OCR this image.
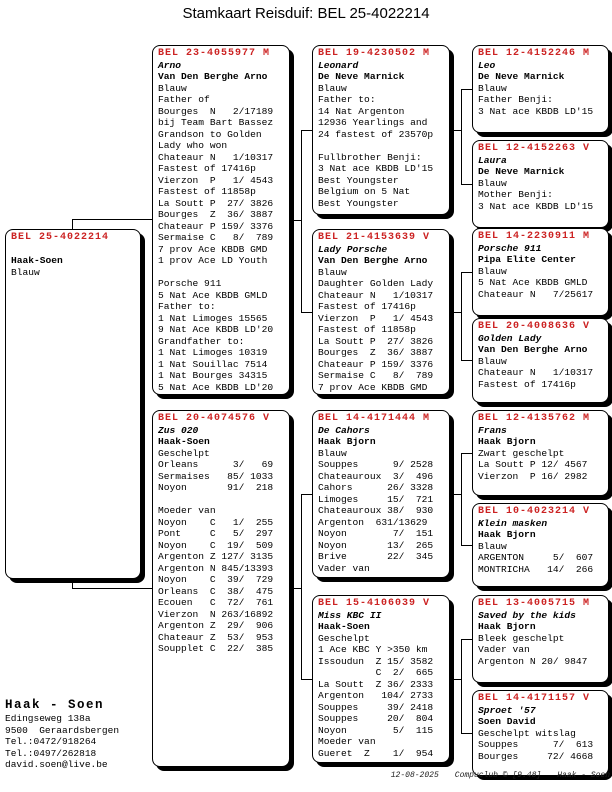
Stamkaart Reisduif: BEL 25-4022214
BEL 25-4022214
Haak-Soen
Blauw
BEL 23-4055977 M
Arno
Van Den Berghe Arno
Blauw
Father of
Bourges  N   2/17189
bij Team Bart Bassez
Grandson to Golden
Lady who won
Chateaur N   1/10317
Fastest of 17416p
Vierzon  P   1/ 4543
Fastest of 11858p
La Soutt P  27/ 3826
Bourges  Z  36/ 3887
Chateaur P 159/ 3376
Sermaise C   8/  789
7 prov Ace KBDB GMD
1 prov Ace LD Youth
Porsche 911
5 Nat Ace KBDB GMLD
Father to:
1 Nat Limoges 15565
9 Nat Ace KBDB LD'20
Grandfather to:
1 Nat Limoges 10319
1 Nat Souillac 7514
1 Nat Bourges 34315
5 Nat Ace KBDB LD'20
BEL 20-4074576 V
Zus 020
Haak-Soen
Geschelpt
Orleans      3/   69
Sermaises   85/ 1033
Noyon       91/  218
Moeder van
Noyon    C   1/  255
Pont     C   5/  297
Noyon    C  19/  509
Argenton Z 127/ 3135
Argenton N 845/13393
Noyon    C  39/  729
Orleans  C  38/  475
Ecouen   C  72/  761
Vierzon  N 263/16892
Argenton Z  29/  906
Chateaur Z  53/  953
Soupplet C  22/  385
BEL 19-4230502 M
Leonard
De Neve Marnick
Blauw
Father to:
14 Nat Argenton
12936 Yearlings and
24 fastest of 23570p
Fullbrother Benji:
3 Nat ace KBDB LD'15
Best Youngster
Belgium on 5 Nat
Best Youngster
BEL 21-4153639 V
Lady Porsche
Van Den Berghe Arno
Blauw
Daughter Golden Lady
Chateaur N   1/10317
Fastest of 17416p
Vierzon  P   1/ 4543
Fastest of 11858p
La Soutt P  27/ 3826
Bourges  Z  36/ 3887
Chateaur P 159/ 3376
Sermaise C   8/  789
7 prov Ace KBDB GMD
BEL 14-4171444 M
De Cahors
Haak Bjorn
Blauw
Souppes      9/ 2528
Chateauroux  3/  496
Cahors      26/ 3328
Limoges     15/  721
Chateauroux 38/  930
Argenton  631/13629
Noyon        7/  151
Noyon       13/  265
Brive       22/  345
Vader van
BEL 15-4106039 V
Miss KBC II
Haak-Soen
Geschelpt
1 Ace KBC Y >350 km
Issoudun  Z 15/ 3582
C  2/  665
La Soutt  Z 36/ 2333
Argenton   104/ 2733
Souppes     39/ 2418
Souppes     20/  804
Noyon        5/  115
Moeder van
Gueret  Z    1/  954
BEL 12-4152246 M
Leo
De Neve Marnick
Blauw
Father Benji:
3 Nat ace KBDB LD'15
BEL 12-4152263 V
Laura
De Neve Marnick
Blauw
Mother Benji:
3 Nat ace KBDB LD'15
BEL 14-2230911 M
Porsche 911
Pipa Elite Center
Blauw
5 Nat Ace KBDB GMLD
Chateaur N   7/25617
BEL 20-4008636 V
Golden Lady
Van Den Berghe Arno
Blauw
Chateaur N   1/10317
Fastest of 17416p
BEL 12-4135762 M
Frans
Haak Bjorn
Zwart geschelpt
La Soutt P 12/ 4567
Vierzon  P 16/ 2982
BEL 10-4023214 V
Klein masken
Haak Bjorn
Blauw
ARGENTON     5/  607
MONTRICHA   14/  266
BEL 13-4005715 M
Saved by the kids
Haak Bjorn
Bleek geschelpt
Vader van
Argenton N 20/ 9847
BEL 14-4171157 V
Sproet '57
Soen David
Geschelpt witslag
Souppes      7/  613
Bourges     72/ 4668
Haak - Soen
Edingseweg 138a
9500  Geraardsbergen
Tel.:0472/918264
Tel.:0497/262818
david.soen@live.be
12-08-2025 Compuclub © [9.48] Haak - Soen
